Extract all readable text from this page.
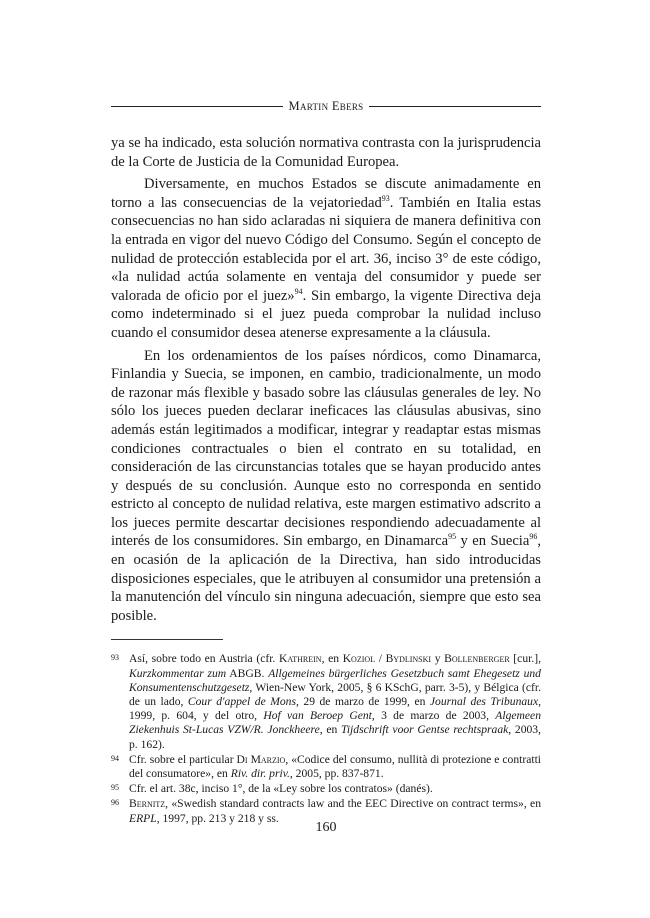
Martin Ebers

ya se ha indicado, esta solución normativa contrasta con la jurisprudencia de la Corte de Justicia de la Comunidad Europea.

Diversamente, en muchos Estados se discute animadamente en torno a las consecuencias de la vejatoriedad$^{93}$. También en Italia estas consecuencias no han sido aclaradas ni siquiera de manera definitiva con la entrada en vigor del nuevo Código del Consumo. Según el concepto de nulidad de protección establecida por el art. 36, inciso 3° de este código, «la nulidad actúa solamente en ventaja del consumidor y puede ser valorada de oficio por el juez»$^{94}$. Sin embargo, la vigente Directiva deja como indeterminado si el juez pueda comprobar la nulidad incluso cuando el consumidor desea atenerse expresamente a la cláusula.

En los ordenamientos de los países nórdicos, como Dinamarca, Finlandia y Suecia, se imponen, en cambio, tradicionalmente, un modo de razonar más flexible y basado sobre las cláusulas generales de ley. No sólo los jueces pueden declarar ineficaces las cláusulas abusivas, sino además están legitimados a modificar, integrar y readaptar estas mismas condiciones contractuales o bien el contrato en su totalidad, en consideración de las circunstancias totales que se hayan producido antes y después de su conclusión. Aunque esto no corresponda en sentido estricto al concepto de nulidad relativa, este margen estimativo adscrito a los jueces permite descartar decisiones respondiendo adecuadamente al interés de los consumidores. Sin embargo, en Dinamarca$^{95}$ y en Suecia$^{96}$, en ocasión de la aplicación de la Directiva, han sido introducidas disposiciones especiales, que le atribuyen al consumidor una pretensión a la manutención del vínculo sin ninguna adecuación, siempre que esto sea posible.

93 Así, sobre todo en Austria (cfr. Kathrein, en Koziol / Bydlinski y Bollenberger [cur.], Kurzkommentar zum ABGB. Allgemeines bürgerliches Gesetzbuch samt Ehegesetz und Konsumentenschutzgesetz, Wien-New York, 2005, § 6 KSchG, parr. 3-5), y Bélgica (cfr. de un lado, Cour d'appel de Mons, 29 de marzo de 1999, en Journal des Tribunaux, 1999, p. 604, y del otro, Hof van Beroep Gent, 3 de marzo de 2003, Algemeen Ziekenhuis St-Lucas VZW/R. Jonckheere, en Tijdschrift voor Gentse rechtspraak, 2003, p. 162).
94 Cfr. sobre el particular Di Marzio, «Codice del consumo, nullità di protezione e contratti del consumatore», en Riv. dir. priv., 2005, pp. 837-871.
95 Cfr. el art. 38c, inciso 1°, de la «Ley sobre los contratos» (danés).
96 Bernitz, «Swedish standard contracts law and the EEC Directive on contract terms», en ERPL, 1997, pp. 213 y 218 y ss.
160
